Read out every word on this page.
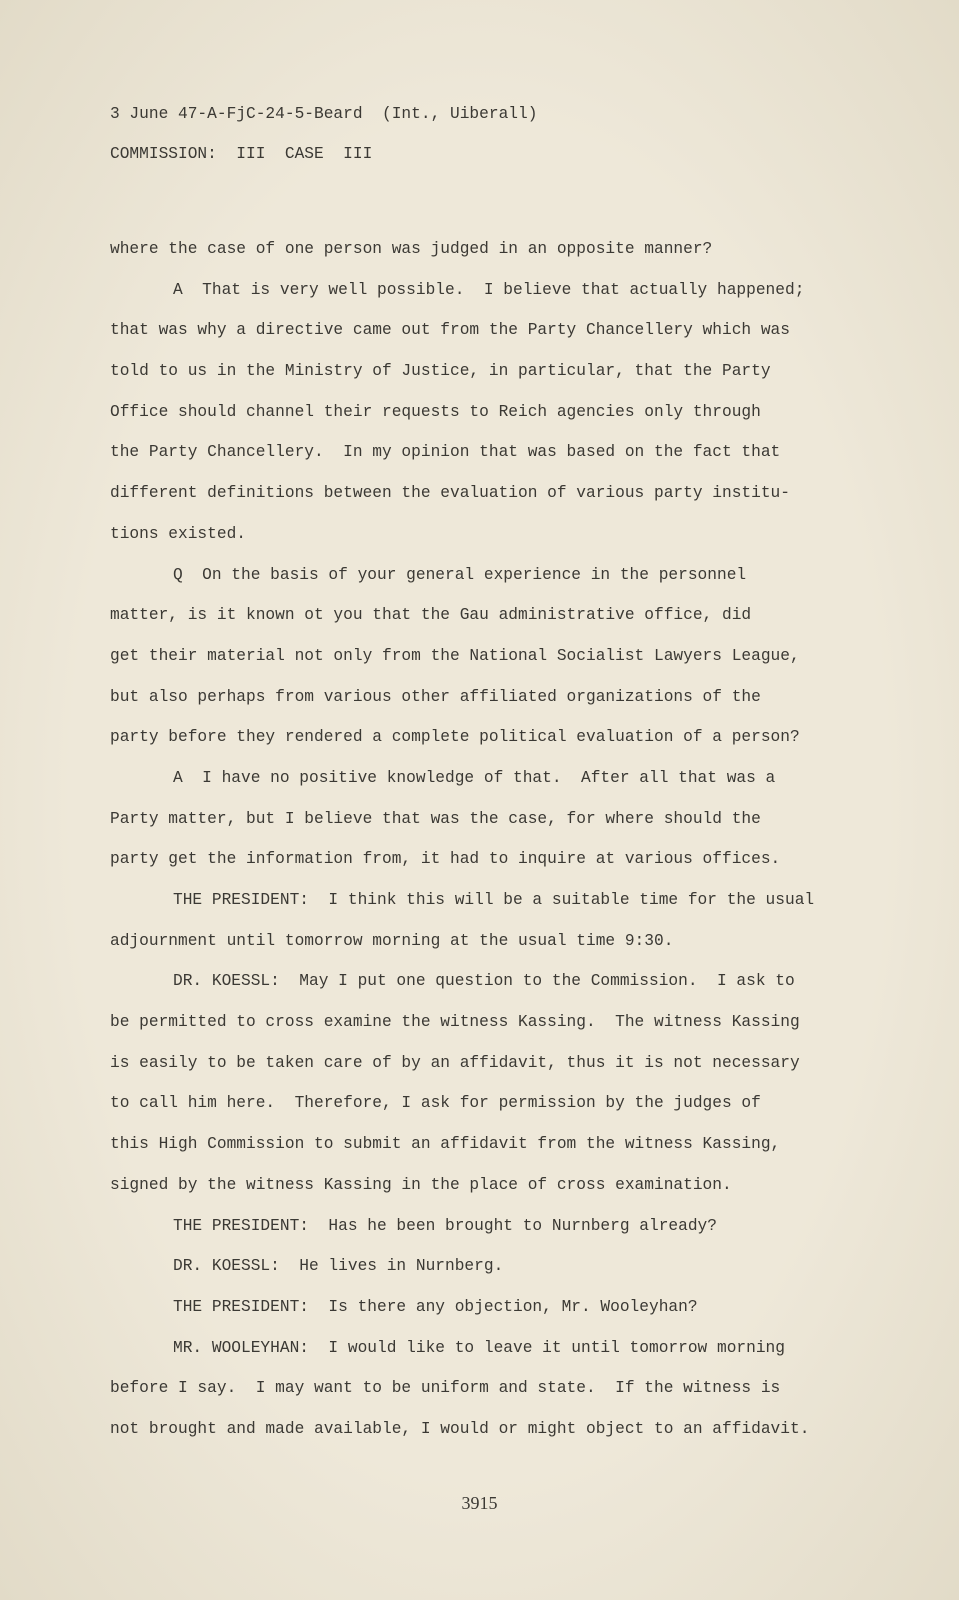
3 June 47-A-FjC-24-5-Beard  (Int., Uiberall)
COMMISSION:  III  CASE  III
where the case of one person was judged in an opposite manner?
A  That is very well possible.  I believe that actually happened;
that was why a directive came out from the Party Chancellery which was
told to us in the Ministry of Justice, in particular, that the Party
Office should channel their requests to Reich agencies only through
the Party Chancellery.  In my opinion that was based on the fact that
different definitions between the evaluation of various party institu-
tions existed.
Q  On the basis of your general experience in the personnel
matter, is it known ot you that the Gau administrative office, did
get their material not only from the National Socialist Lawyers League,
but also perhaps from various other affiliated organizations of the
party before they rendered a complete political evaluation of a person?
A  I have no positive knowledge of that.  After all that was a
Party matter, but I believe that was the case, for where should the
party get the information from, it had to inquire at various offices.
THE PRESIDENT:  I think this will be a suitable time for the usual
adjournment until tomorrow morning at the usual time 9:30.
DR. KOESSL:  May I put one question to the Commission.  I ask to
be permitted to cross examine the witness Kassing.  The witness Kassing
is easily to be taken care of by an affidavit, thus it is not necessary
to call him here.  Therefore, I ask for permission by the judges of
this High Commission to submit an affidavit from the witness Kassing,
signed by the witness Kassing in the place of cross examination.
THE PRESIDENT:  Has he been brought to Nurnberg already?
DR. KOESSL:  He lives in Nurnberg.
THE PRESIDENT:  Is there any objection, Mr. Wooleyhan?
MR. WOOLEYHAN:  I would like to leave it until tomorrow morning
before I say.  I may want to be uniform and state.  If the witness is
not brought and made available, I would or might object to an affidavit.
3915
